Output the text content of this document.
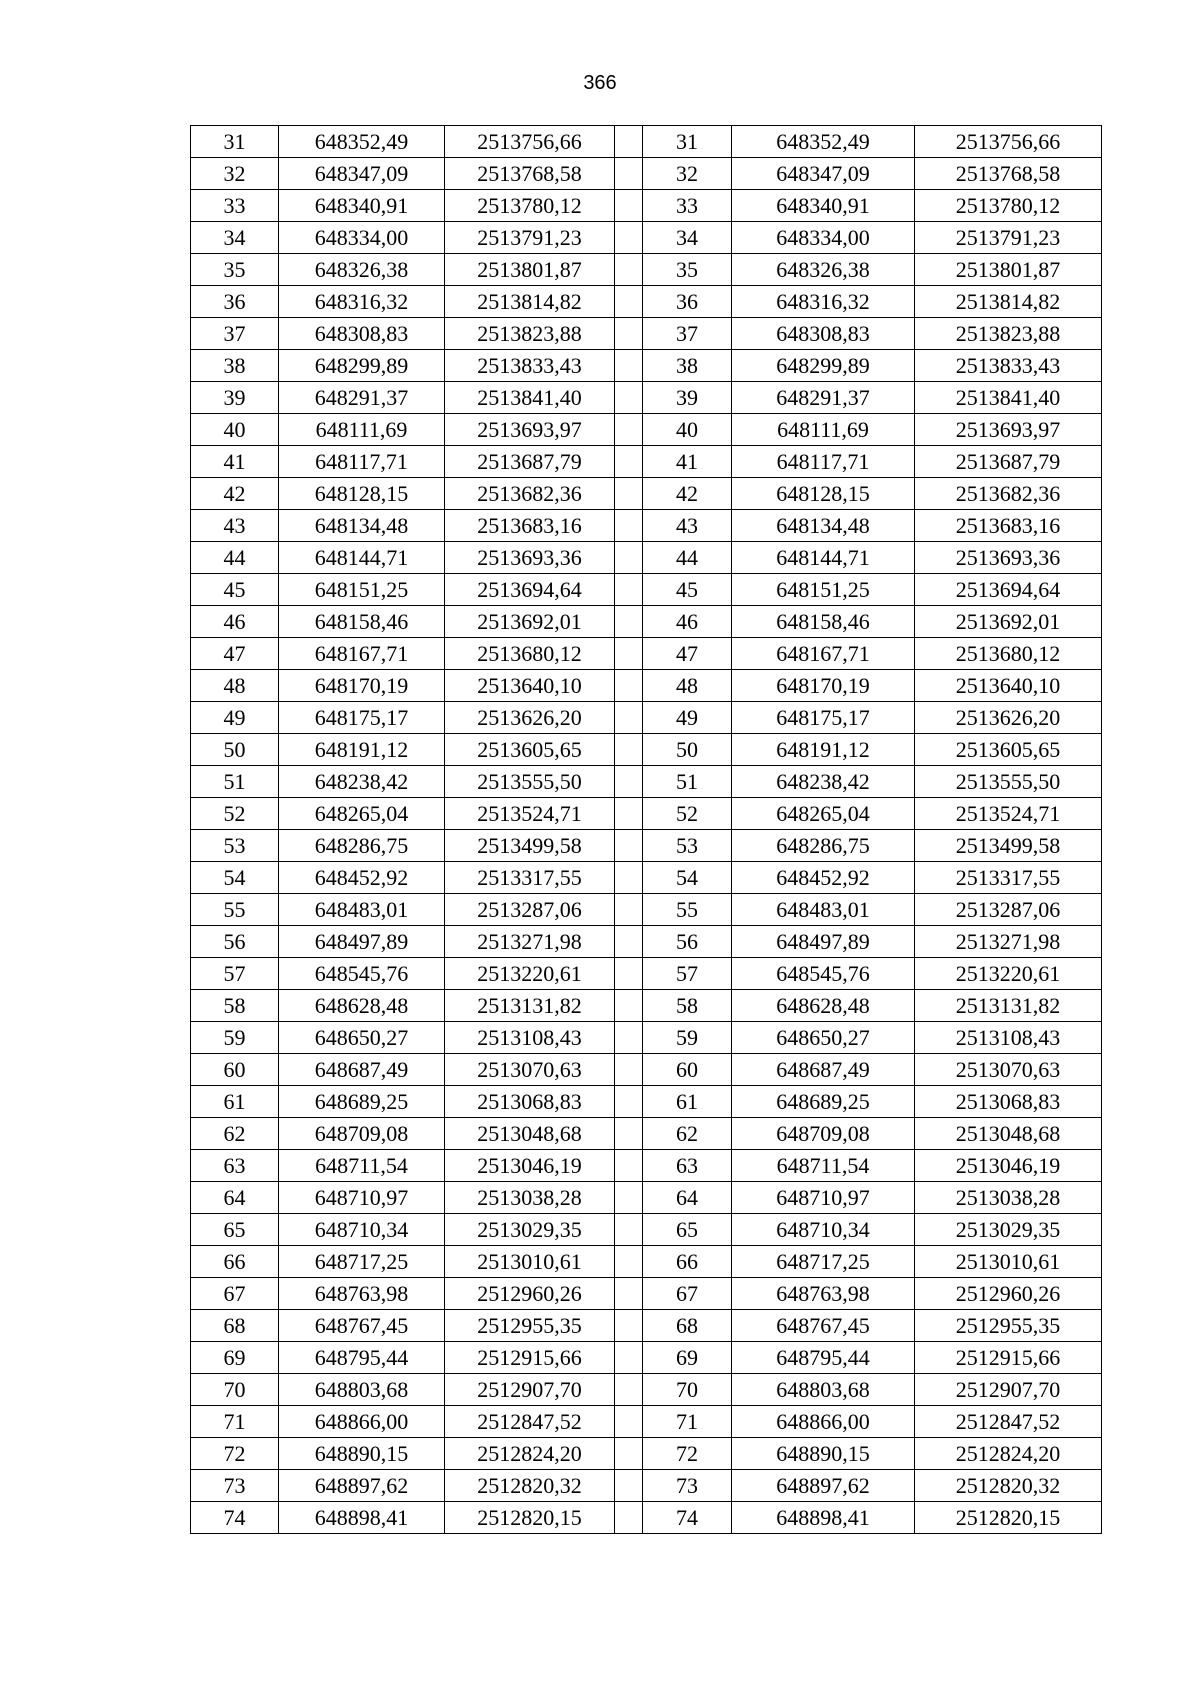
366
31	648352,49	2513756,66		31	648352,49	2513756,66
32	648347,09	2513768,58		32	648347,09	2513768,58
33	648340,91	2513780,12		33	648340,91	2513780,12
34	648334,00	2513791,23		34	648334,00	2513791,23
35	648326,38	2513801,87		35	648326,38	2513801,87
36	648316,32	2513814,82		36	648316,32	2513814,82
37	648308,83	2513823,88		37	648308,83	2513823,88
38	648299,89	2513833,43		38	648299,89	2513833,43
39	648291,37	2513841,40		39	648291,37	2513841,40
40	648111,69	2513693,97		40	648111,69	2513693,97
41	648117,71	2513687,79		41	648117,71	2513687,79
42	648128,15	2513682,36		42	648128,15	2513682,36
43	648134,48	2513683,16		43	648134,48	2513683,16
44	648144,71	2513693,36		44	648144,71	2513693,36
45	648151,25	2513694,64		45	648151,25	2513694,64
46	648158,46	2513692,01		46	648158,46	2513692,01
47	648167,71	2513680,12		47	648167,71	2513680,12
48	648170,19	2513640,10		48	648170,19	2513640,10
49	648175,17	2513626,20		49	648175,17	2513626,20
50	648191,12	2513605,65		50	648191,12	2513605,65
51	648238,42	2513555,50		51	648238,42	2513555,50
52	648265,04	2513524,71		52	648265,04	2513524,71
53	648286,75	2513499,58		53	648286,75	2513499,58
54	648452,92	2513317,55		54	648452,92	2513317,55
55	648483,01	2513287,06		55	648483,01	2513287,06
56	648497,89	2513271,98		56	648497,89	2513271,98
57	648545,76	2513220,61		57	648545,76	2513220,61
58	648628,48	2513131,82		58	648628,48	2513131,82
59	648650,27	2513108,43		59	648650,27	2513108,43
60	648687,49	2513070,63		60	648687,49	2513070,63
61	648689,25	2513068,83		61	648689,25	2513068,83
62	648709,08	2513048,68		62	648709,08	2513048,68
63	648711,54	2513046,19		63	648711,54	2513046,19
64	648710,97	2513038,28		64	648710,97	2513038,28
65	648710,34	2513029,35		65	648710,34	2513029,35
66	648717,25	2513010,61		66	648717,25	2513010,61
67	648763,98	2512960,26		67	648763,98	2512960,26
68	648767,45	2512955,35		68	648767,45	2512955,35
69	648795,44	2512915,66		69	648795,44	2512915,66
70	648803,68	2512907,70		70	648803,68	2512907,70
71	648866,00	2512847,52		71	648866,00	2512847,52
72	648890,15	2512824,20		72	648890,15	2512824,20
73	648897,62	2512820,32		73	648897,62	2512820,32
74	648898,41	2512820,15		74	648898,41	2512820,15
